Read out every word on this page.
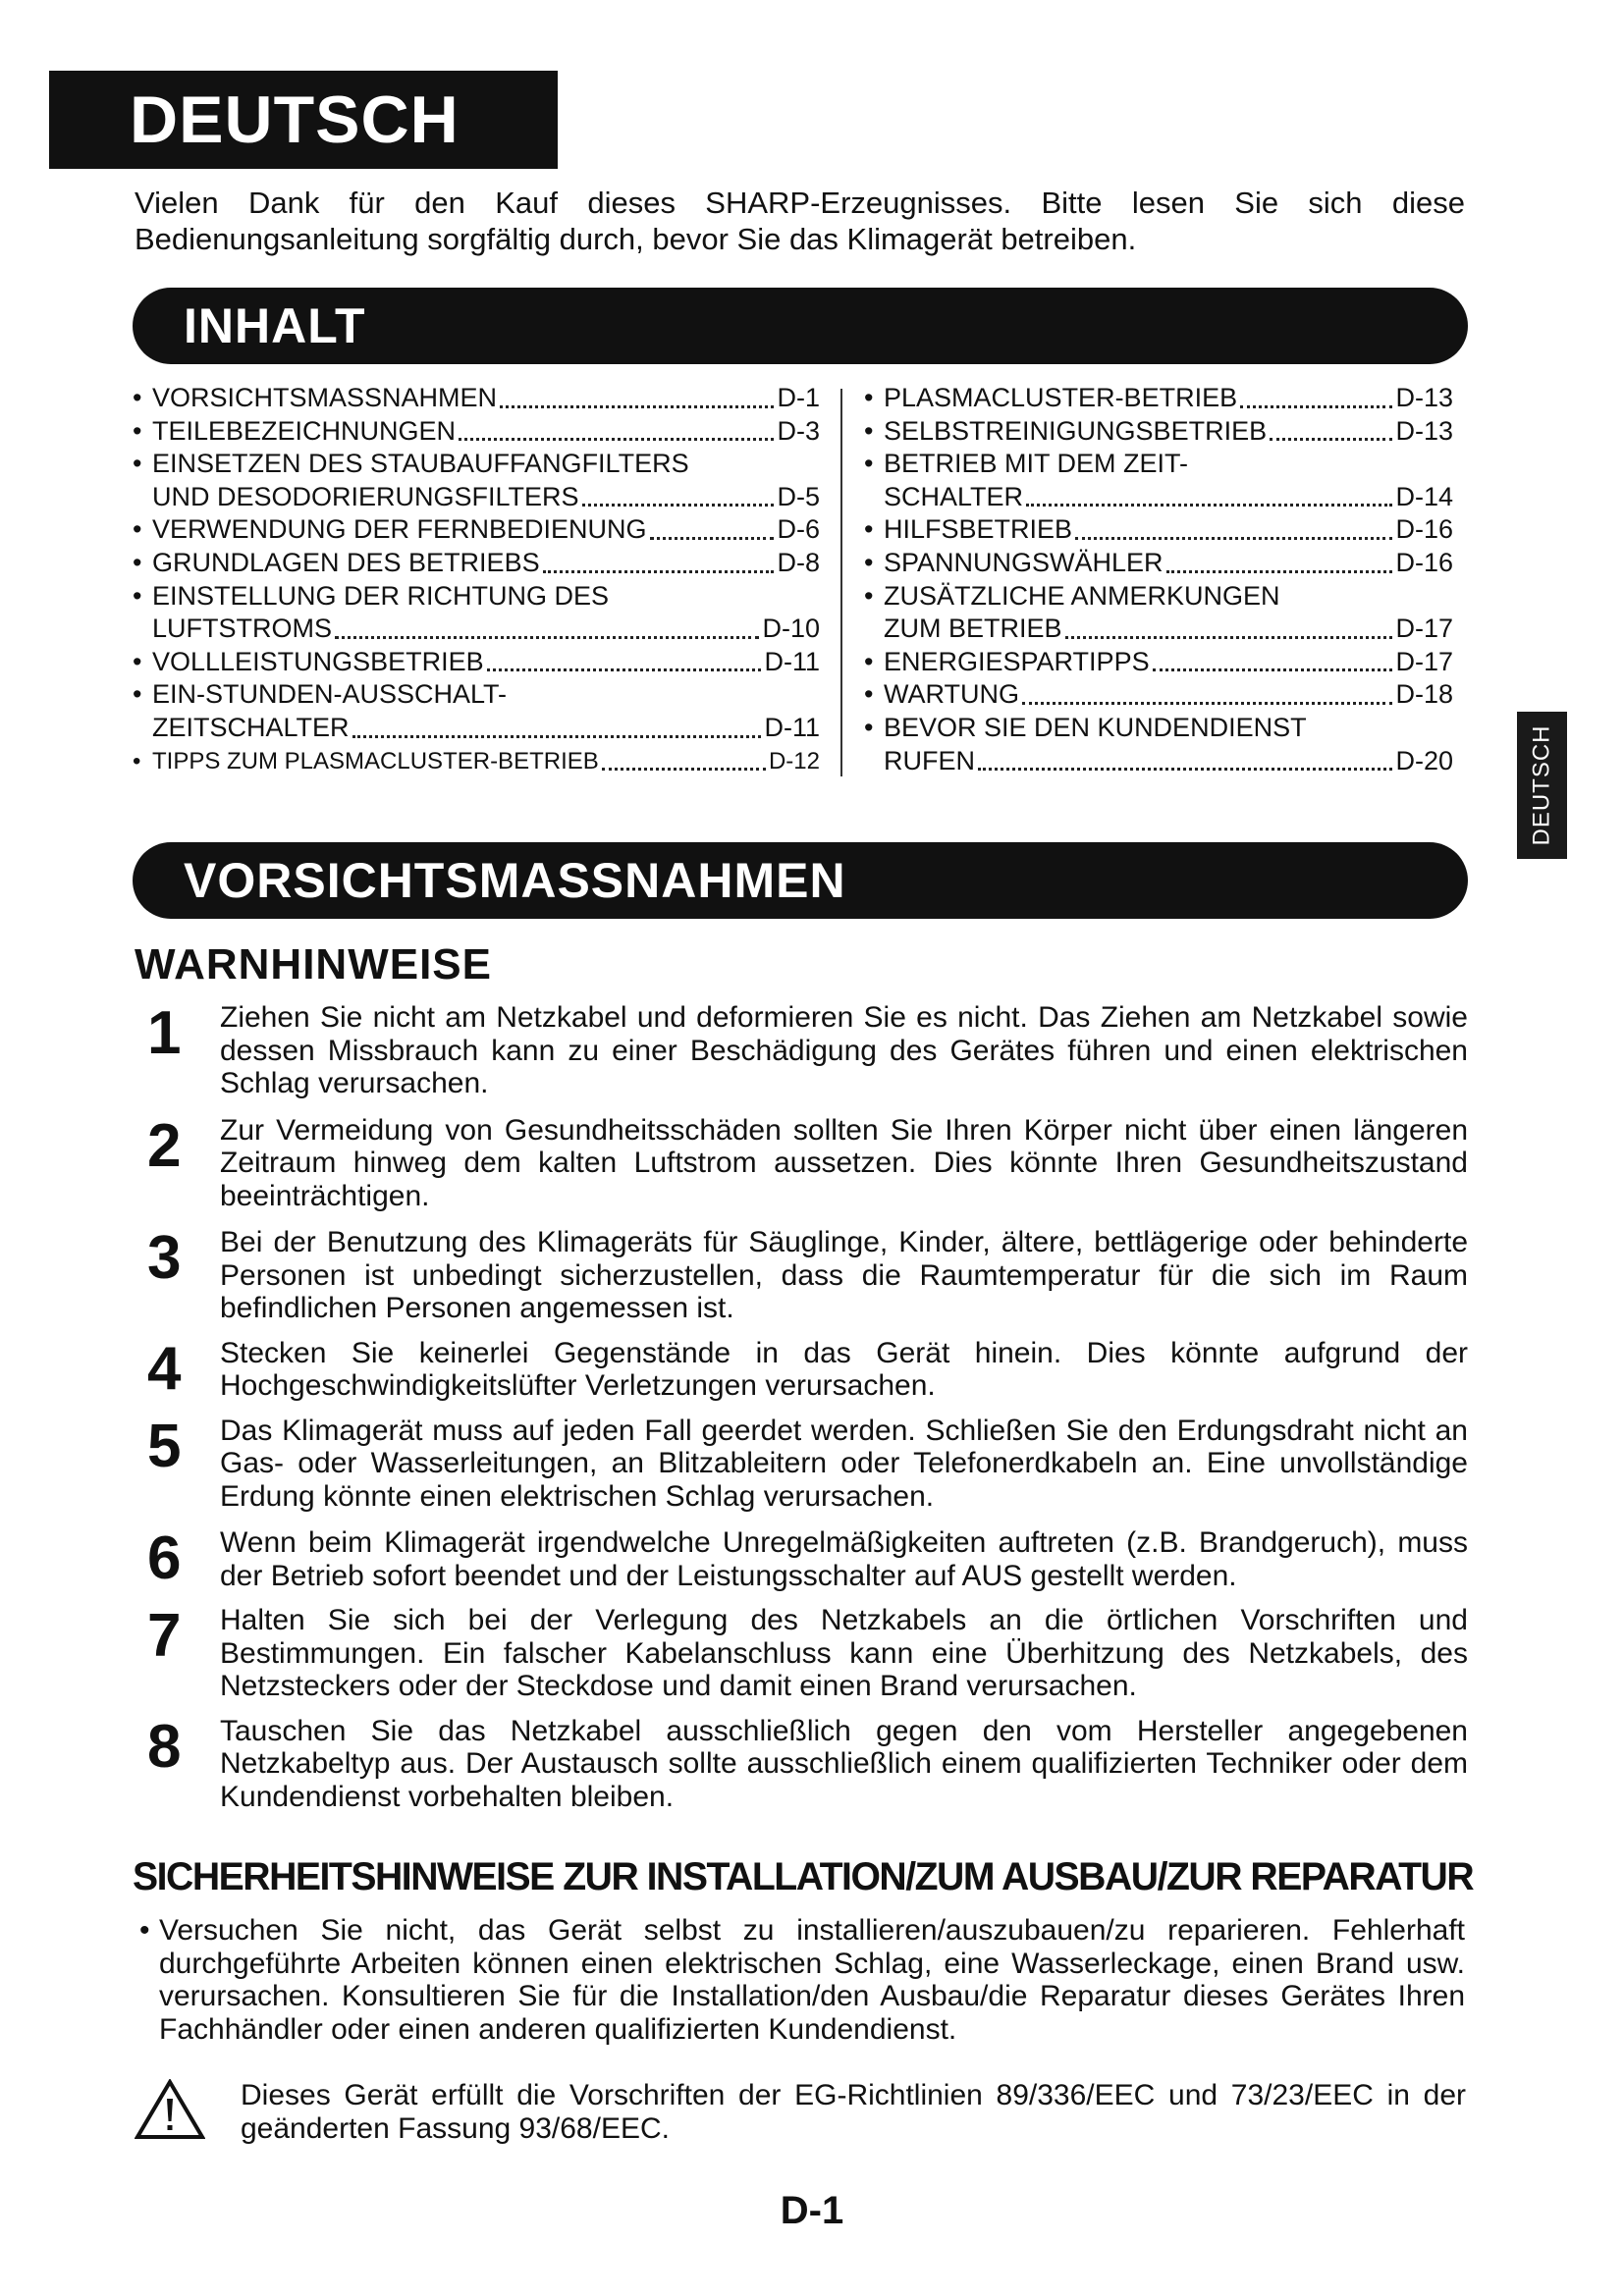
DEUTSCH
Vielen Dank für den Kauf dieses SHARP-Erzeugnisses. Bitte lesen Sie sich diese Bedienungsanleitung sorgfältig durch, bevor Sie das Klimagerät betreiben.
INHALT
• VORSICHTSMASSNAHMEN	D-1
• TEILEBEZEICHNUNGEN	D-3
• EINSETZEN DES STAUBAUFFANGFILTERS
UND DESODORIERUNGSFILTERS	D-5
• VERWENDUNG DER FERNBEDIENUNG	D-6
• GRUNDLAGEN DES BETRIEBS	D-8
• EINSTELLUNG DER RICHTUNG DES
LUFTSTROMS	D-10
• VOLLLEISTUNGSBETRIEB	D-11
• EIN-STUNDEN-AUSSCHALT-
ZEITSCHALTER	D-11
• TIPPS ZUM PLASMACLUSTER-BETRIEB	D-12
• PLASMACLUSTER-BETRIEB	D-13
• SELBSTREINIGUNGSBETRIEB	D-13
• BETRIEB MIT DEM ZEIT-
SCHALTER	D-14
• HILFSBETRIEB	D-16
• SPANNUNGSWÄHLER	D-16
• ZUSÄTZLICHE ANMERKUNGEN
ZUM BETRIEB	D-17
• ENERGIESPARTIPPS	D-17
• WARTUNG	D-18
• BEVOR SIE DEN KUNDENDIENST
RUFEN	D-20	DEUTSCH
VORSICHTSMASSNAHMEN
WARNHINWEISE
1 Ziehen Sie nicht am Netzkabel und deformieren Sie es nicht. Das Ziehen am Netzkabel sowie dessen Missbrauch kann zu einer Beschädigung des Gerätes führen und einen elektrischen Schlag verursachen.
2 Zur Vermeidung von Gesundheitsschäden sollten Sie Ihren Körper nicht über einen längeren Zeitraum hinweg dem kalten Luftstrom aussetzen. Dies könnte Ihren Gesundheitszustand beeinträchtigen.
3 Bei der Benutzung des Klimageräts für Säuglinge, Kinder, ältere, bettlägerige oder behinderte Personen ist unbedingt sicherzustellen, dass die Raumtemperatur für die sich im Raum befindlichen Personen angemessen ist.
4 Stecken Sie keinerlei Gegenstände in das Gerät hinein. Dies könnte aufgrund der Hochgeschwindigkeitslüfter Verletzungen verursachen.
5 Das Klimagerät muss auf jeden Fall geerdet werden. Schließen Sie den Erdungsdraht nicht an Gas- oder Wasserleitungen, an Blitzableitern oder Telefonerdkabeln an. Eine unvollständige Erdung könnte einen elektrischen Schlag verursachen.
6 Wenn beim Klimagerät irgendwelche Unregelmäßigkeiten auftreten (z.B. Brandgeruch), muss der Betrieb sofort beendet und der Leistungsschalter auf AUS gestellt werden.
7 Halten Sie sich bei der Verlegung des Netzkabels an die örtlichen Vorschriften und Bestimmungen. Ein falscher Kabelanschluss kann eine Überhitzung des Netzkabels, des Netzsteckers oder der Steckdose und damit einen Brand verursachen.
8 Tauschen Sie das Netzkabel ausschließlich gegen den vom Hersteller angegebenen Netzkabeltyp aus. Der Austausch sollte ausschließlich einem qualifizierten Techniker oder dem Kundendienst vorbehalten bleiben.
SICHERHEITSHINWEISE ZUR INSTALLATION/ZUM AUSBAU/ZUR REPARATUR
• Versuchen Sie nicht, das Gerät selbst zu installieren/auszubauen/zu reparieren. Fehlerhaft durchgeführte Arbeiten können einen elektrischen Schlag, eine Wasserleckage, einen Brand usw. verursachen. Konsultieren Sie für die Installation/den Ausbau/die Reparatur dieses Gerätes Ihren Fachhändler oder einen anderen qualifizierten Kundendienst.
Dieses Gerät erfüllt die Vorschriften der EG-Richtlinien 89/336/EEC und 73/23/EEC in der geänderten Fassung 93/68/EEC.
D-1
